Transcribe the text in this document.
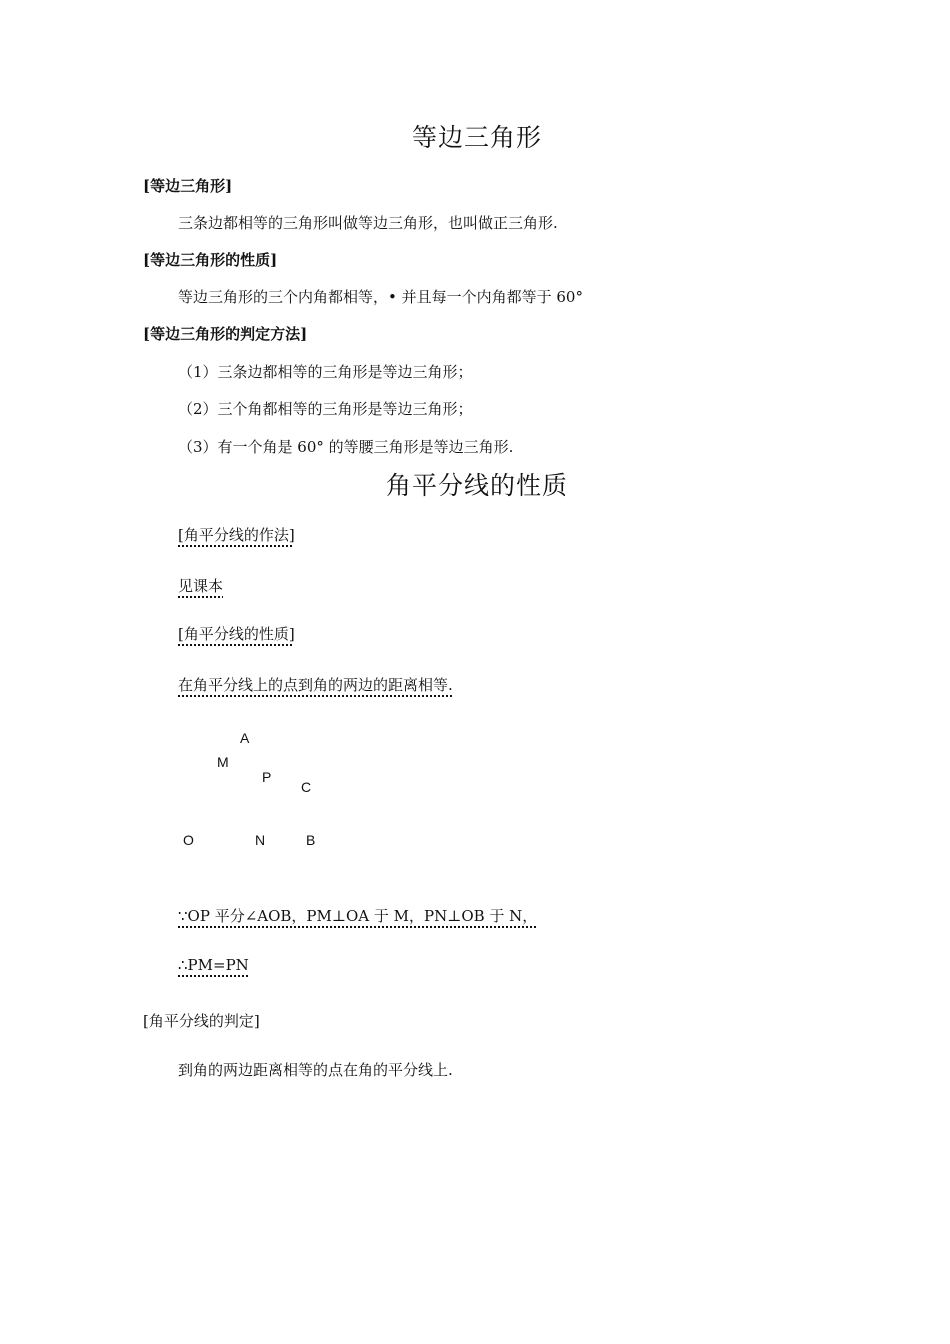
等边三角形
[等边三角形]
三条边都相等的三角形叫做等边三角形，也叫做正三角形.
[等边三角形的性质]
等边三角形的三个内角都相等，• 并且每一个内角都等于 60°
[等边三角形的判定方法]
（1）三条边都相等的三角形是等边三角形；
（2）三个角都相等的三角形是等边三角形；
（3）有一个角是 60° 的等腰三角形是等边三角形.
角平分线的性质
[角平分线的作法]
见课本
[角平分线的性质]
在角平分线上的点到角的两边的距离相等.
A
M
P
C
O	N	B
∵OP 平分∠AOB，PM⊥OA 于 M，PN⊥OB 于 N，
∴PM=PN
[角平分线的判定]
到角的两边距离相等的点在角的平分线上.
